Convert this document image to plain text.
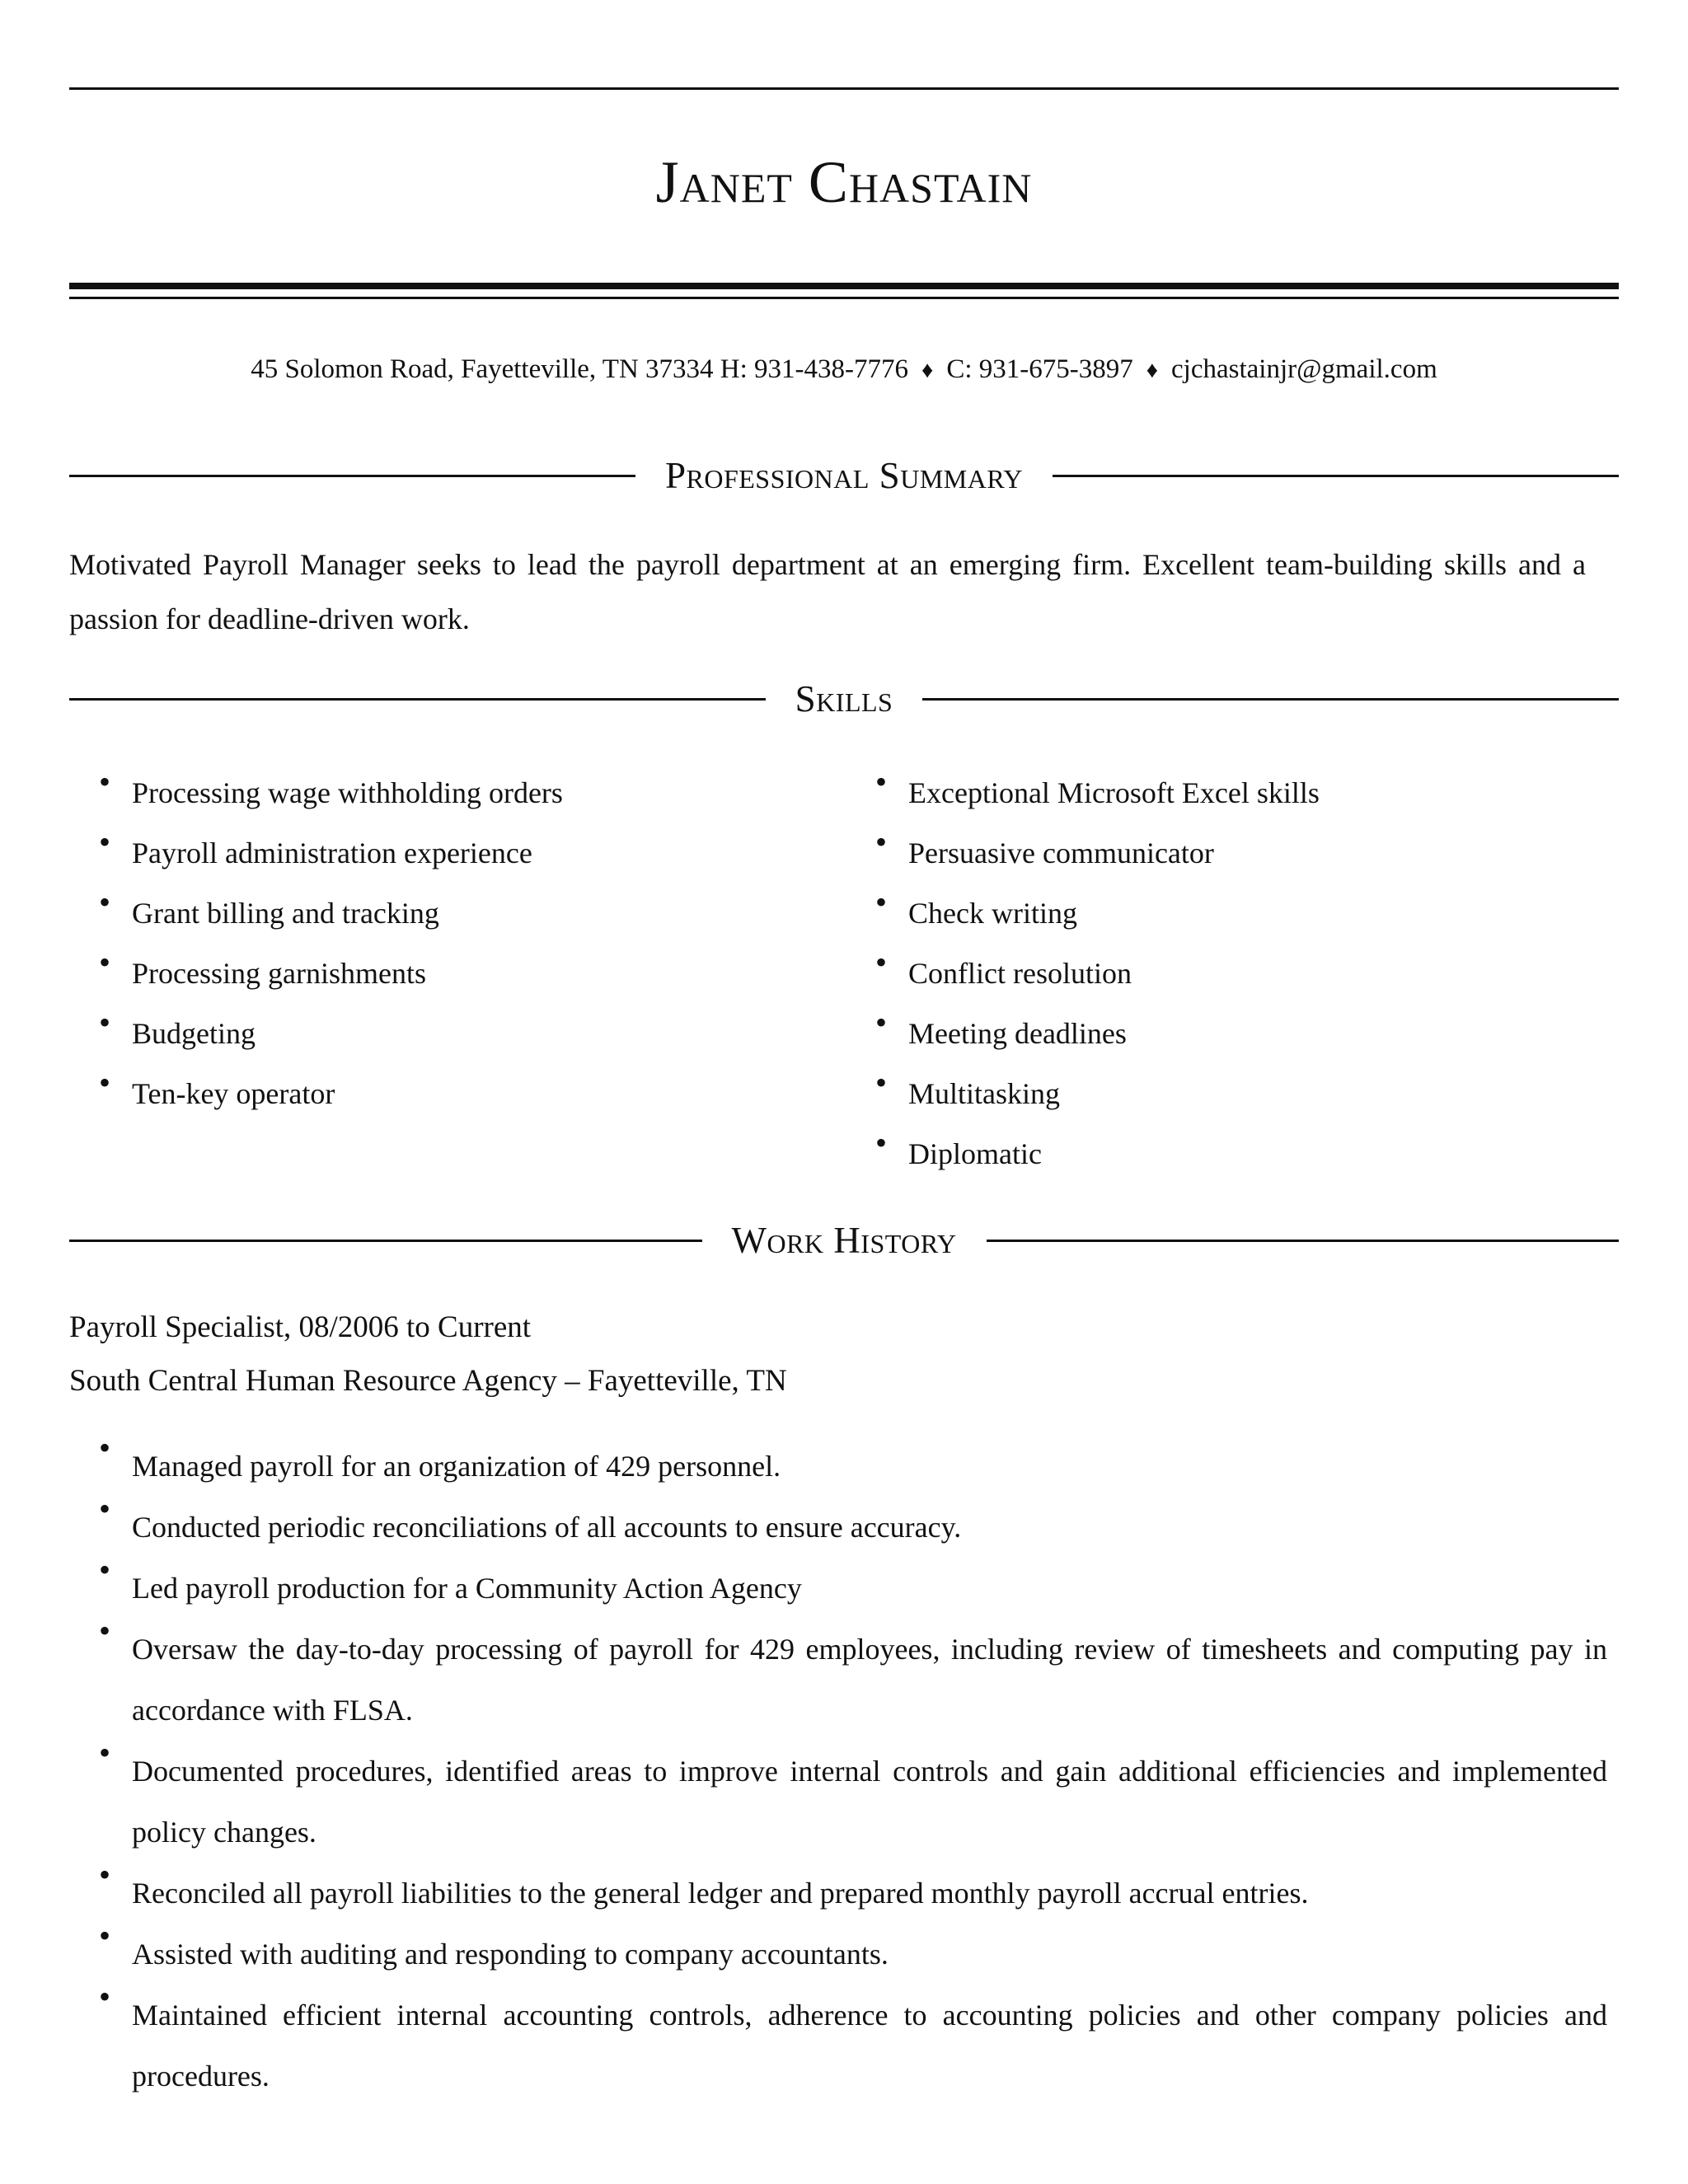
Janet Chastain
45 Solomon Road, Fayetteville, TN 37334 H: 931-438-7776 ♦ C: 931-675-3897 ♦ cjchastainjr@gmail.com
Professional Summary
Motivated Payroll Manager seeks to lead the payroll department at an emerging firm. Excellent team-building skills and a passion for deadline-driven work.
Skills
• Processing wage withholding orders
• Payroll administration experience
• Grant billing and tracking
• Processing garnishments
• Budgeting
• Ten-key operator
• Exceptional Microsoft Excel skills
• Persuasive communicator
• Check writing
• Conflict resolution
• Meeting deadlines
• Multitasking
• Diplomatic
Work History
Payroll Specialist, 08/2006 to Current
South Central Human Resource Agency – Fayetteville, TN
• Managed payroll for an organization of 429 personnel.
• Conducted periodic reconciliations of all accounts to ensure accuracy.
• Led payroll production for a Community Action Agency
• Oversaw the day-to-day processing of payroll for 429 employees, including review of timesheets and computing pay in accordance with FLSA.
• Documented procedures, identified areas to improve internal controls and gain additional efficiencies and implemented policy changes.
• Reconciled all payroll liabilities to the general ledger and prepared monthly payroll accrual entries.
• Assisted with auditing and responding to company accountants.
• Maintained efficient internal accounting controls, adherence to accounting policies and other company policies and procedures.
